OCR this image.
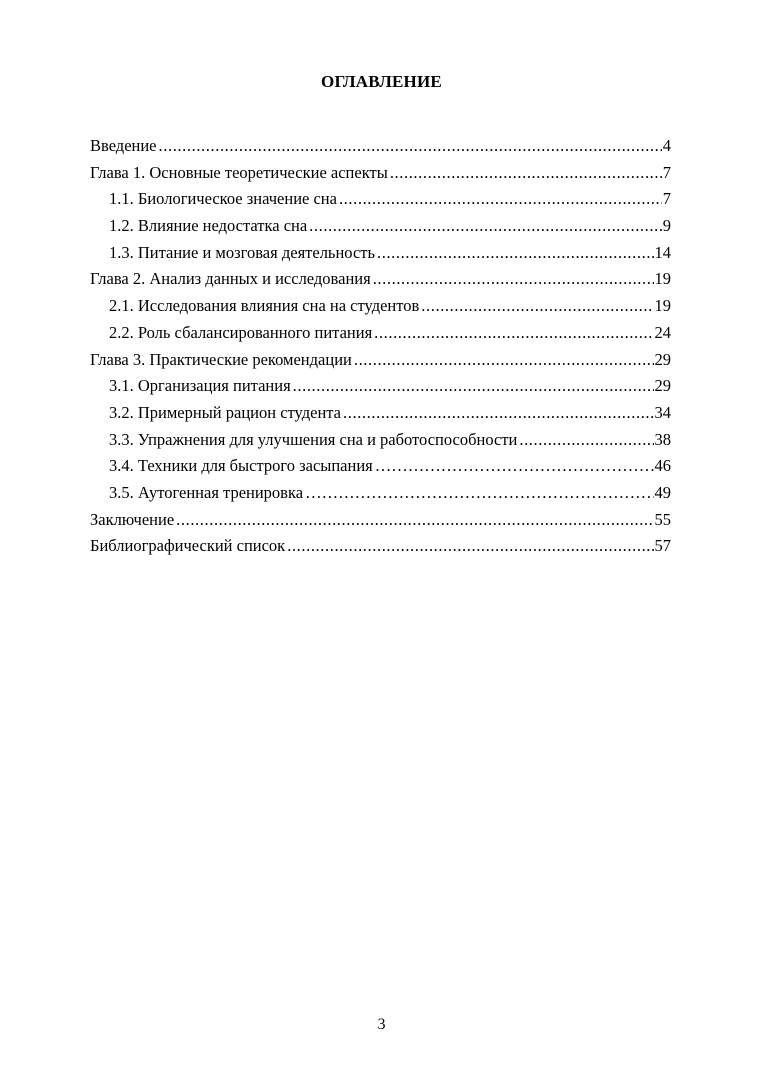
ОГЛАВЛЕНИЕ
Введение .....	4
Глава 1. Основные теоретические аспекты .....	7
1.1. Биологическое значение сна .....	7
1.2. Влияние недостатка сна .....	9
1.3. Питание и мозговая деятельность .....	14
Глава 2. Анализ данных и исследования .....	19
2.1. Исследования влияния сна на студентов .....	19
2.2. Роль сбалансированного питания .....	24
Глава 3. Практические рекомендации .....	29
3.1. Организация питания .....	29
3.2. Примерный рацион студента .....	34
3.3. Упражнения для улучшения сна и работоспособности .....	38
3.4. Техники для быстрого засыпания ………………………………………………………………………………………………………………………	46
3.5. Аутогенная тренировка ………………………………………………………………………………………………………………………	49
Заключение .....	55
Библиографический список .....	57
3
